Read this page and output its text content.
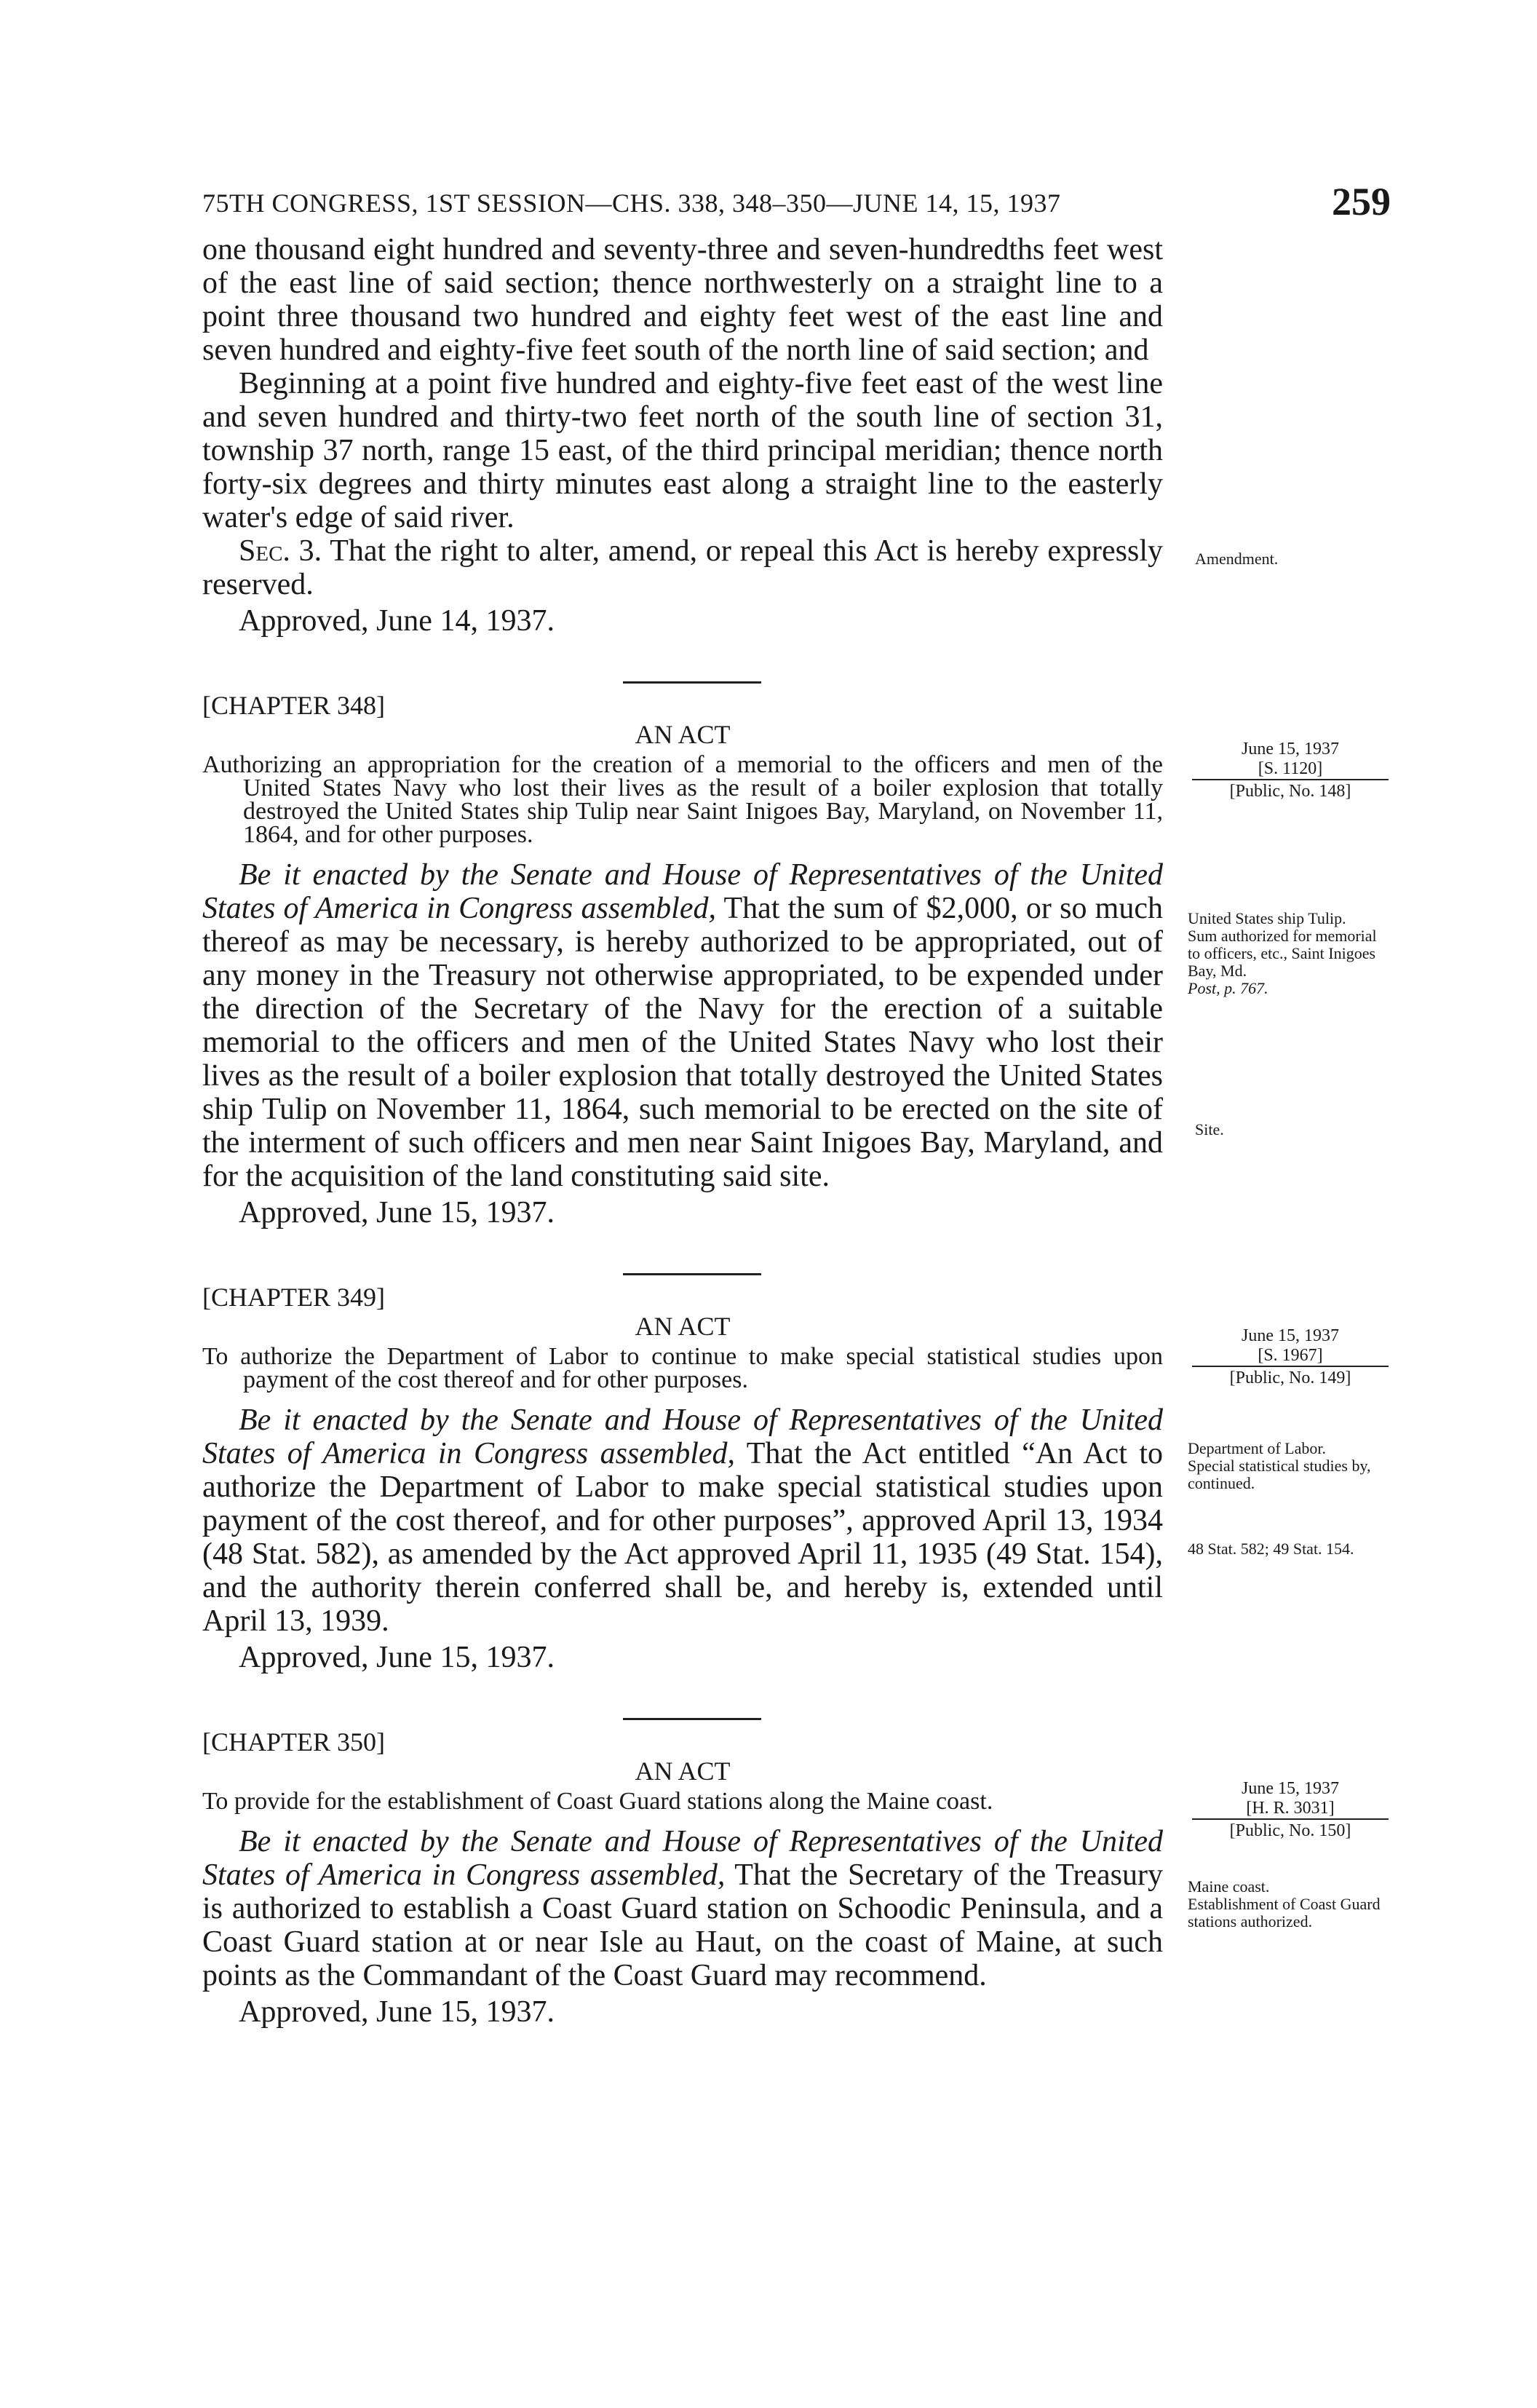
75TH CONGRESS, 1ST SESSION—CHS. 338, 348–350—JUNE 14, 15, 1937	259

one thousand eight hundred and seventy-three and seven-hundredths feet west of the east line of said section; thence northwesterly on a straight line to a point three thousand two hundred and eighty feet west of the east line and seven hundred and eighty-five feet south of the north line of said section; and

Beginning at a point five hundred and eighty-five feet east of the west line and seven hundred and thirty-two feet north of the south line of section 31, township 37 north, range 15 east, of the third principal meridian; thence north forty-six degrees and thirty minutes east along a straight line to the easterly water's edge of said river.

Sec. 3. That the right to alter, amend, or repeal this Act is hereby expressly reserved.

Approved, June 14, 1937.
[CHAPTER 348]
AN ACT

Authorizing an appropriation for the creation of a memorial to the officers and men of the United States Navy who lost their lives as the result of a boiler explosion that totally destroyed the United States ship Tulip near Saint Inigoes Bay, Maryland, on November 11, 1864, and for other purposes.

Be it enacted by the Senate and House of Representatives of the United States of America in Congress assembled, That the sum of $2,000, or so much thereof as may be necessary, is hereby authorized to be appropriated, out of any money in the Treasury not otherwise appropriated, to be expended under the direction of the Secretary of the Navy for the erection of a suitable memorial to the officers and men of the United States Navy who lost their lives as the result of a boiler explosion that totally destroyed the United States ship Tulip on November 11, 1864, such memorial to be erected on the site of the interment of such officers and men near Saint Inigoes Bay, Maryland, and for the acquisition of the land constituting said site.

Approved, June 15, 1937.
[CHAPTER 349]
AN ACT

To authorize the Department of Labor to continue to make special statistical studies upon payment of the cost thereof and for other purposes.

Be it enacted by the Senate and House of Representatives of the United States of America in Congress assembled, That the Act entitled “An Act to authorize the Department of Labor to make special statistical studies upon payment of the cost thereof, and for other purposes”, approved April 13, 1934 (48 Stat. 582), as amended by the Act approved April 11, 1935 (49 Stat. 154), and the authority therein conferred shall be, and hereby is, extended until April 13, 1939.

Approved, June 15, 1937.
[CHAPTER 350]
AN ACT

To provide for the establishment of Coast Guard stations along the Maine coast.

Be it enacted by the Senate and House of Representatives of the United States of America in Congress assembled, That the Secretary of the Treasury is authorized to establish a Coast Guard station on Schoodic Peninsula, and a Coast Guard station at or near Isle au Haut, on the coast of Maine, at such points as the Commandant of the Coast Guard may recommend.

Approved, June 15, 1937.
Amendment.
June 15, 1937
[S. 1120]
[Public, No. 148]
United States ship Tulip.
Sum authorized for memorial to officers, etc., Saint Inigoes Bay, Md.
Post, p. 767.
Site.
June 15, 1937
[S. 1967]
[Public, No. 149]
Department of Labor.
Special statistical studies by, continued.
48 Stat. 582; 49 Stat. 154.
June 15, 1937
[H. R. 3031]
[Public, No. 150]
Maine coast.
Establishment of Coast Guard stations authorized.
